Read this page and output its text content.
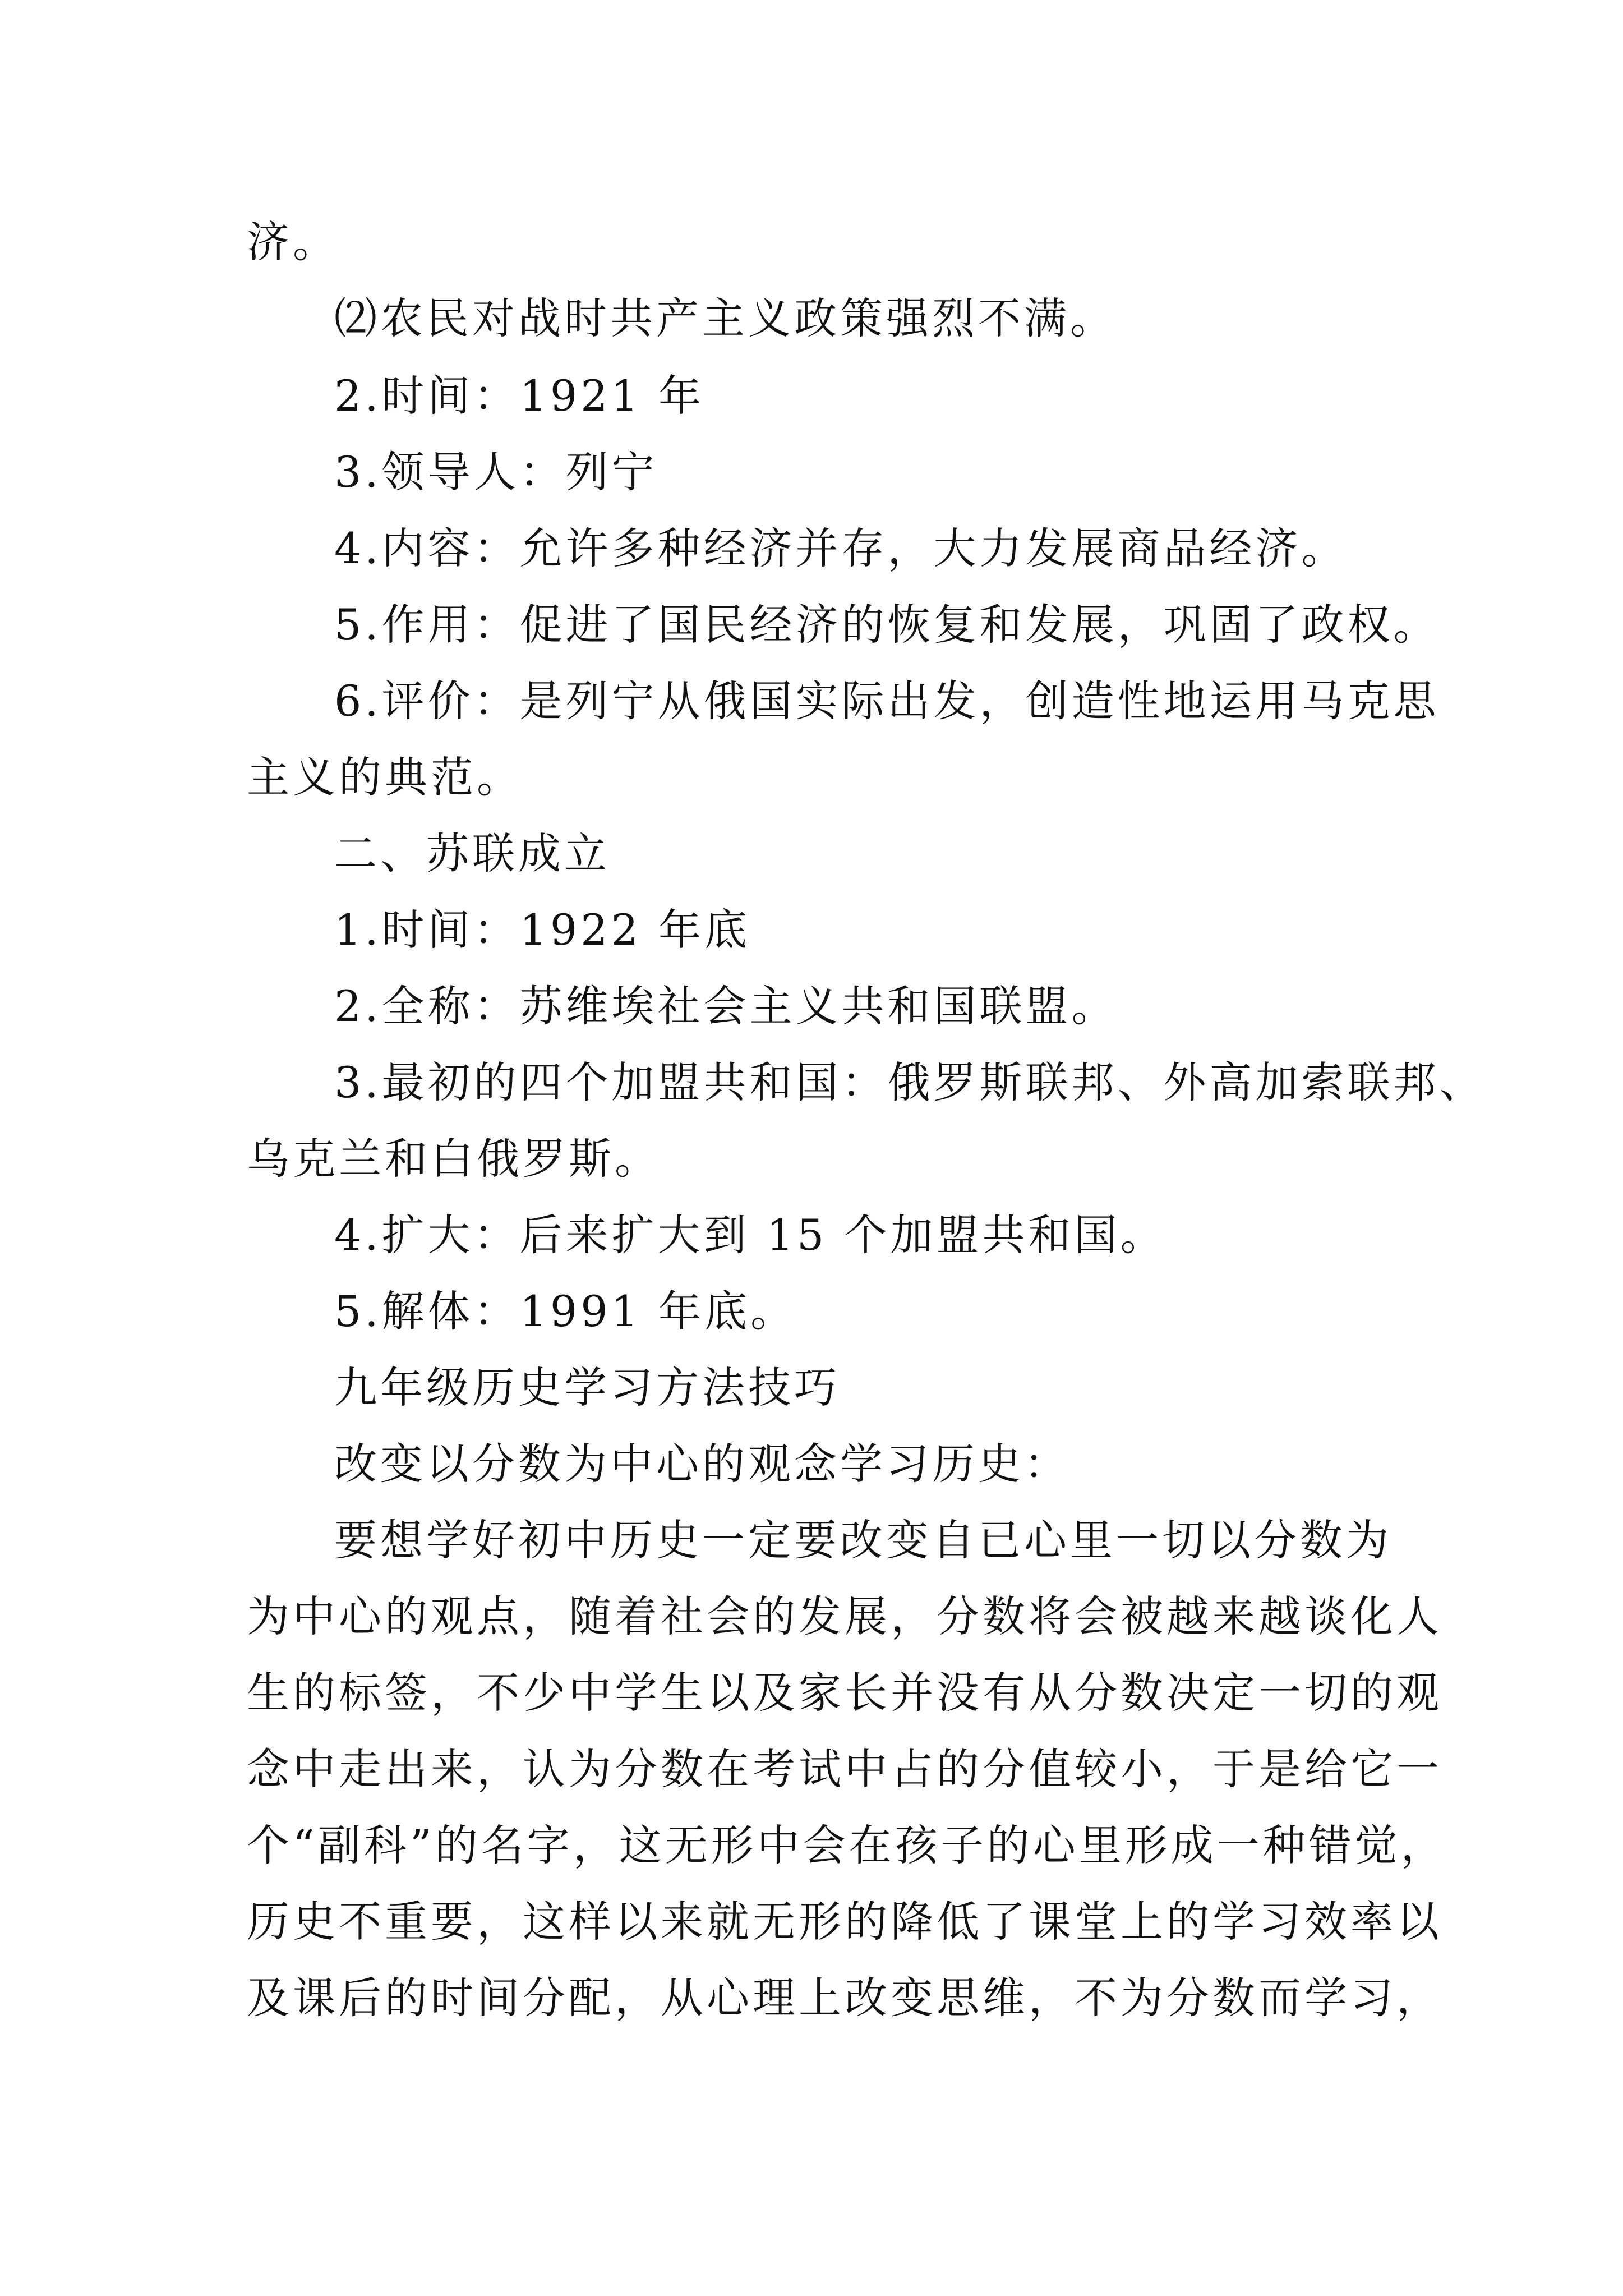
济。
⑵农民对战时共产主义政策强烈不满。
2.时间：1921 年
3.领导人：列宁
4.内容：允许多种经济并存，大力发展商品经济。
5.作用：促进了国民经济的恢复和发展，巩固了政权。
6.评价：是列宁从俄国实际出发，创造性地运用马克思
主义的典范。
二、苏联成立
1.时间：1922 年底
2.全称：苏维埃社会主义共和国联盟。
3.最初的四个加盟共和国：俄罗斯联邦、外高加索联邦、
乌克兰和白俄罗斯。
4.扩大：后来扩大到 15 个加盟共和国。
5.解体：1991 年底。
九年级历史学习方法技巧
改变以分数为中心的观念学习历史：
要想学好初中历史一定要改变自已心里一切以分数为
为中心的观点，随着社会的发展，分数将会被越来越谈化人
生的标签，不少中学生以及家长并没有从分数决定一切的观
念中走出来，认为分数在考试中占的分值较小，于是给它一
个“副科”的名字，这无形中会在孩子的心里形成一种错觉，
历史不重要，这样以来就无形的降低了课堂上的学习效率以
及课后的时间分配，从心理上改变思维，不为分数而学习，
